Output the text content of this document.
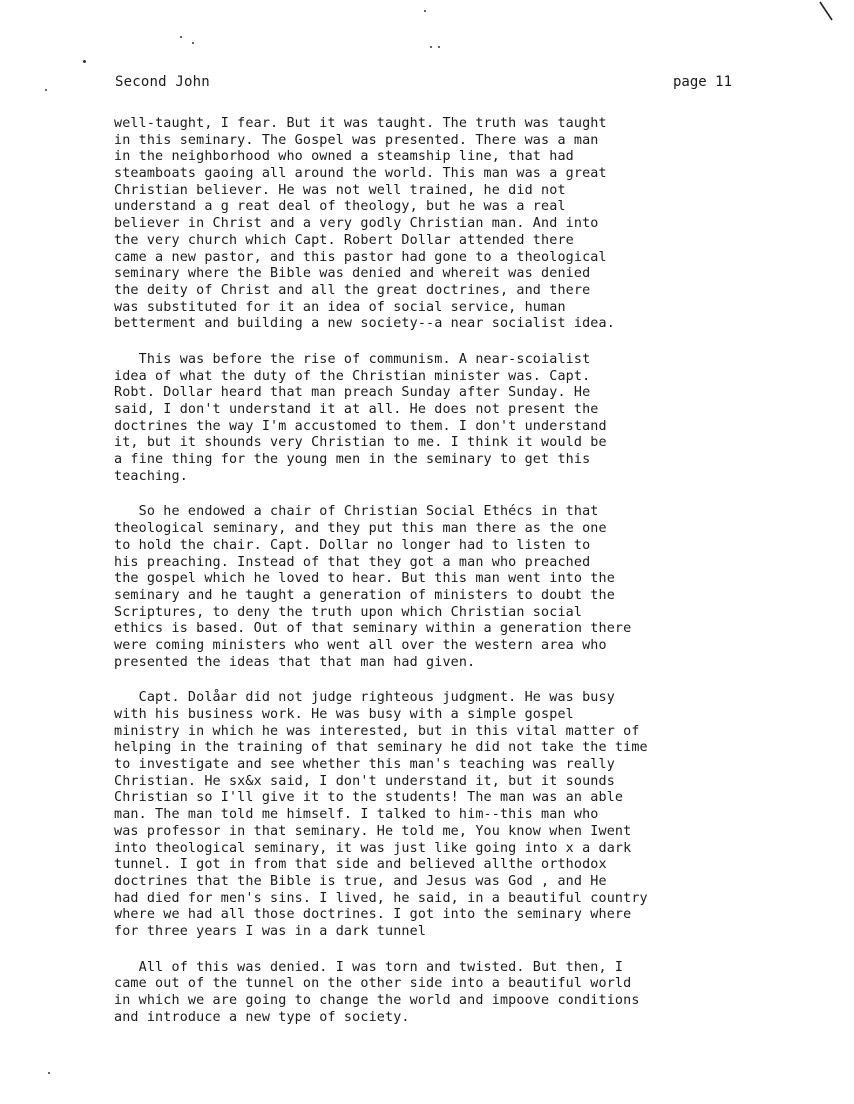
Second John	page 11
well-taught, I fear. But it was taught. The truth was taught
in this seminary. The Gospel was presented. There was a man
in the neighborhood who owned a steamship line, that had
steamboats gaoing all around the world. This man was a great
Christian believer. He was not well trained, he did not
understand a g reat deal of theology, but he was a real
believer in Christ and a very godly Christian man. And into
the very church which Capt. Robert Dollar attended there
came a new pastor, and this pastor had gone to a theological
seminary where the Bible was denied and whereit was denied
the deity of Christ and all the great doctrines, and there
was substituted for it an idea of social service, human
betterment and building a new society--a near socialist idea.
This was before the rise of communism. A near-scoialist
idea of what the duty of the Christian minister was. Capt.
Robt. Dollar heard that man preach Sunday after Sunday. He
said, I don't understand it at all. He does not present the
doctrines the way I'm accustomed to them. I don't understand
it, but it shounds very Christian to me. I think it would be
a fine thing for the young men in the seminary to get this
teaching.
So he endowed a chair of Christian Social Ethécs in that
theological seminary, and they put this man there as the one
to hold the chair. Capt. Dollar no longer had to listen to
his preaching. Instead of that they got a man who preached
the gospel which he loved to hear. But this man went into the
seminary and he taught a generation of ministers to doubt the
Scriptures, to deny the truth upon which Christian social
ethics is based. Out of that seminary within a generation there
were coming ministers who went all over the western area who
presented the ideas that that man had given.
Capt. Dolåar did not judge righteous judgment. He was busy
with his business work. He was busy with a simple gospel
ministry in which he was interested, but in this vital matter of
helping in the training of that seminary he did not take the time
to investigate and see whether this man's teaching was really
Christian. He sx&x said, I don't understand it, but it sounds
Christian so I'll give it to the students! The man was an able
man. The man told me himself. I talked to him--this man who
was professor in that seminary. He told me, You know when Iwent
into theological seminary, it was just like going into x a dark
tunnel. I got in from that side and believed allthe orthodox
doctrines that the Bible is true, and Jesus was God , and He
had died for men's sins. I lived, he said, in a beautiful country
where we had all those doctrines. I got into the seminary where
for three years I was in a dark tunnel
All of this was denied. I was torn and twisted. But then, I
came out of the tunnel on the other side into a beautiful world
in which we are going to change the world and impoove conditions
and introduce a new type of society.
